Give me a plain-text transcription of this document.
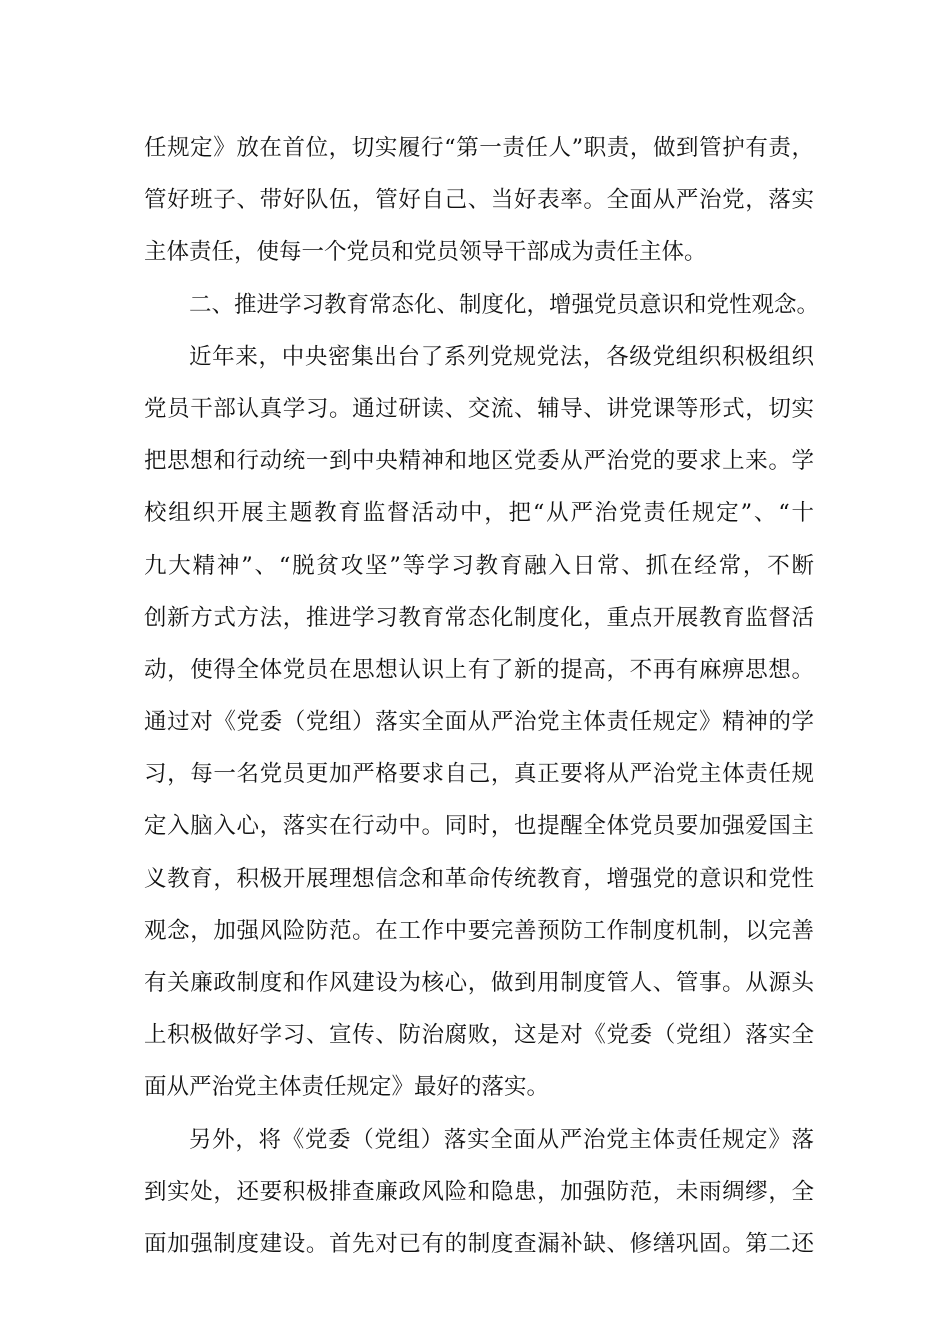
任规定》放在首位，切实履行“第一责任人”职责，做到管护有责，
管好班子、带好队伍，管好自己、当好表率。全面从严治党，落实
主体责任，使每一个党员和党员领导干部成为责任主体。
二、推进学习教育常态化、制度化，增强党员意识和党性观念。
近年来，中央密集出台了系列党规党法，各级党组织积极组织
党员干部认真学习。通过研读、交流、辅导、讲党课等形式，切实
把思想和行动统一到中央精神和地区党委从严治党的要求上来。学
校组织开展主题教育监督活动中，把“从严治党责任规定”、“十
九大精神”、“脱贫攻坚”等学习教育融入日常、抓在经常，不断
创新方式方法，推进学习教育常态化制度化，重点开展教育监督活
动，使得全体党员在思想认识上有了新的提高，不再有麻痹思想。
通过对《党委（党组）落实全面从严治党主体责任规定》精神的学
习，每一名党员更加严格要求自己，真正要将从严治党主体责任规
定入脑入心，落实在行动中。同时，也提醒全体党员要加强爱国主
义教育，积极开展理想信念和革命传统教育，增强党的意识和党性
观念，加强风险防范。在工作中要完善预防工作制度机制，以完善
有关廉政制度和作风建设为核心，做到用制度管人、管事。从源头
上积极做好学习、宣传、防治腐败，这是对《党委（党组）落实全
面从严治党主体责任规定》最好的落实。
另外，将《党委（党组）落实全面从严治党主体责任规定》落
到实处，还要积极排查廉政风险和隐患，加强防范，未雨绸缪，全
面加强制度建设。首先对已有的制度查漏补缺、修缮巩固。第二还
